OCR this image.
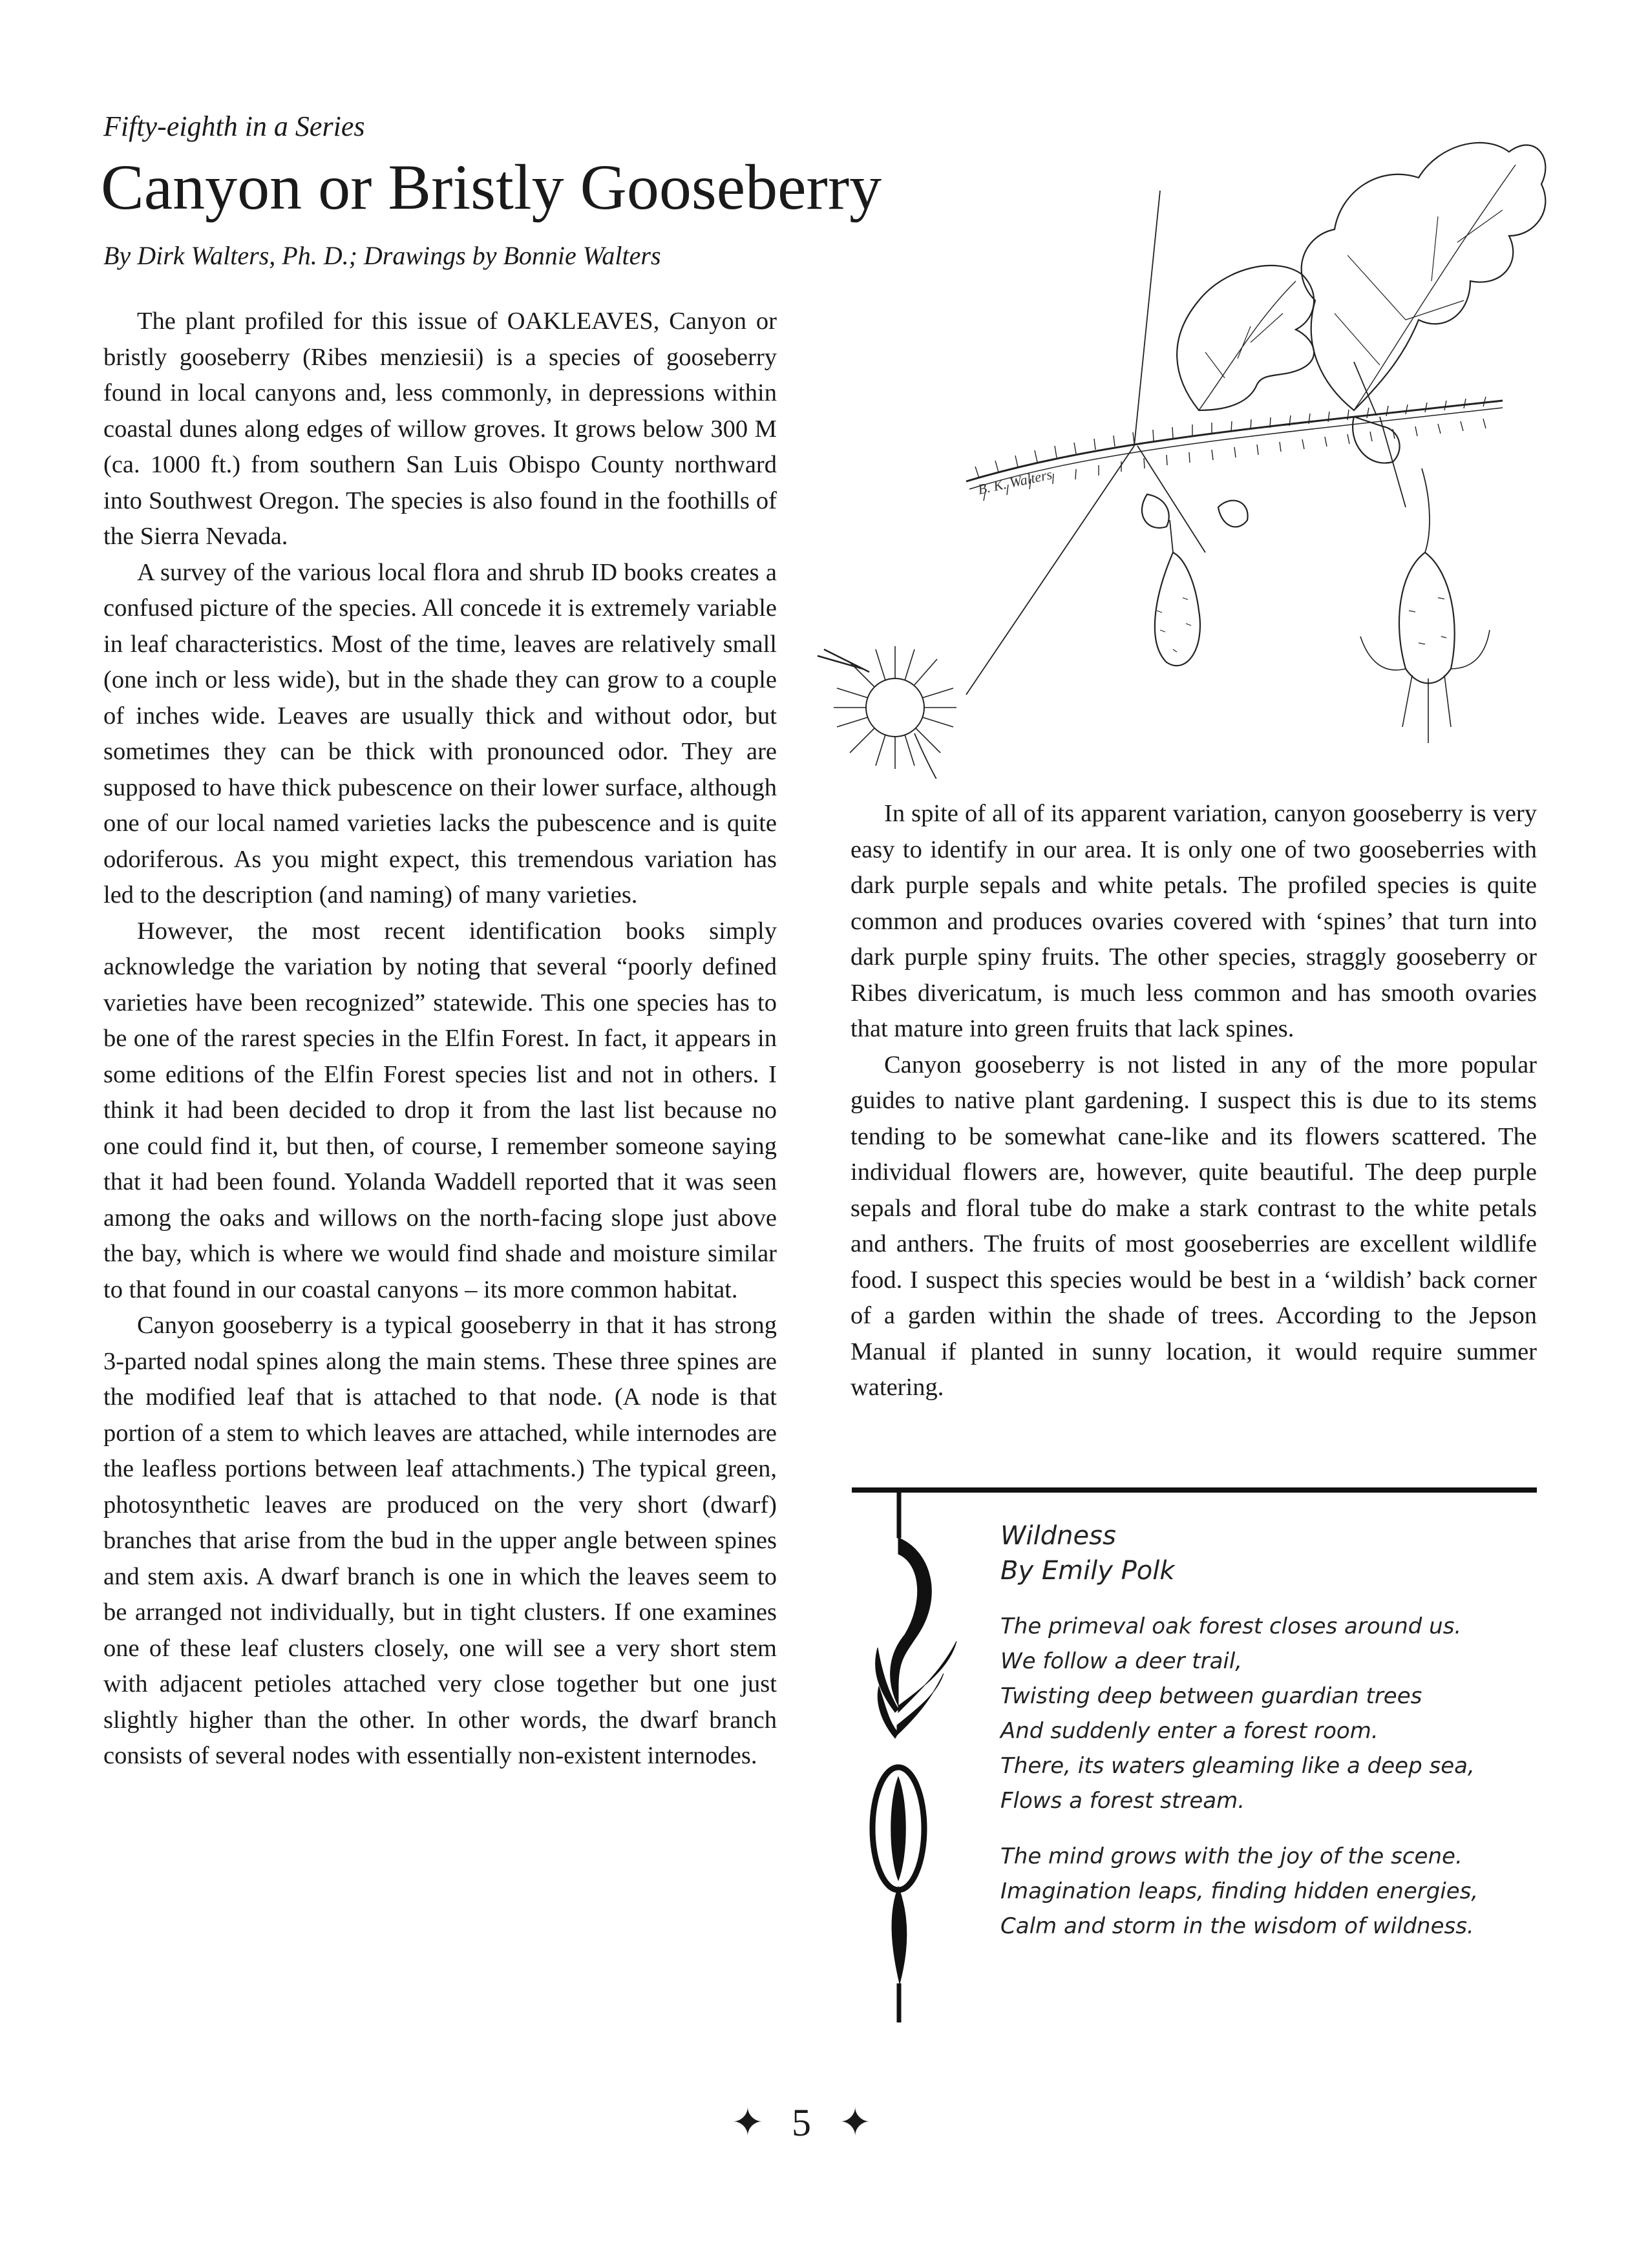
Fifty-eighth in a Series
Canyon or Bristly Gooseberry
By Dirk Walters, Ph. D.; Drawings by Bonnie Walters
B. K. Walters

The plant profiled for this issue of OAKLEAVES, Canyon or bristly gooseberry (Ribes menziesii) is a species of gooseberry found in local canyons and, less commonly, in depressions within coastal dunes along edges of willow groves. It grows below 300 M (ca. 1000 ft.) from southern San Luis Obispo County northward into Southwest Oregon. The species is also found in the foothills of the Sierra Nevada.

A survey of the various local flora and shrub ID books creates a confused picture of the species. All concede it is extremely variable in leaf characteristics. Most of the time, leaves are relatively small (one inch or less wide), but in the shade they can grow to a couple of inches wide. Leaves are usually thick and without odor, but sometimes they can be thick with pronounced odor. They are supposed to have thick pubescence on their lower surface, although one of our local named varieties lacks the pubescence and is quite odoriferous. As you might expect, this tremendous variation has led to the description (and naming) of many varieties.

However, the most recent identification books simply acknowledge the variation by noting that several “poorly defined varieties have been recognized” statewide. This one species has to be one of the rarest species in the Elfin Forest. In fact, it appears in some editions of the Elfin Forest species list and not in others. I think it had been decided to drop it from the last list because no one could find it, but then, of course, I remember someone saying that it had been found. Yolanda Waddell reported that it was seen among the oaks and willows on the north-facing slope just above the bay, which is where we would find shade and moisture similar to that found in our coastal canyons – its more common habitat.

Canyon gooseberry is a typical gooseberry in that it has strong 3-parted nodal spines along the main stems. These three spines are the modified leaf that is attached to that node. (A node is that portion of a stem to which leaves are attached, while internodes are the leafless portions between leaf attachments.) The typical green, photosynthetic leaves are produced on the very short (dwarf) branches that arise from the bud in the upper angle between spines and stem axis. A dwarf branch is one in which the leaves seem to be arranged not individually, but in tight clusters. If one examines one of these leaf clusters closely, one will see a very short stem with adjacent petioles attached very close together but one just slightly higher than the other. In other words, the dwarf branch consists of several nodes with essentially non-existent internodes.

In spite of all of its apparent variation, canyon gooseberry is very easy to identify in our area. It is only one of two gooseberries with dark purple sepals and white petals. The profiled species is quite common and produces ovaries covered with ‘spines’ that turn into dark purple spiny fruits. The other species, straggly gooseberry or Ribes divericatum, is much less common and has smooth ovaries that mature into green fruits that lack spines.

Canyon gooseberry is not listed in any of the more popular guides to native plant gardening. I suspect this is due to its stems tending to be somewhat cane-like and its flowers scattered. The individual flowers are, however, quite beautiful. The deep purple sepals and floral tube do make a stark contrast to the white petals and anthers. The fruits of most gooseberries are excellent wildlife food. I suspect this species would be best in a ‘wildish’ back corner of a garden within the shade of trees. According to the Jepson Manual if planted in sunny location, it would require summer watering.

Wildness
By Emily Polk
The primeval oak forest closes around us.
We follow a deer trail,
Twisting deep between guardian trees
And suddenly enter a forest room.
There, its waters gleaming like a deep sea,
Flows a forest stream.
The mind grows with the joy of the scene.
Imagination leaps, finding hidden energies,
Calm and storm in the wisdom of wildness.
✦ 5 ✦
